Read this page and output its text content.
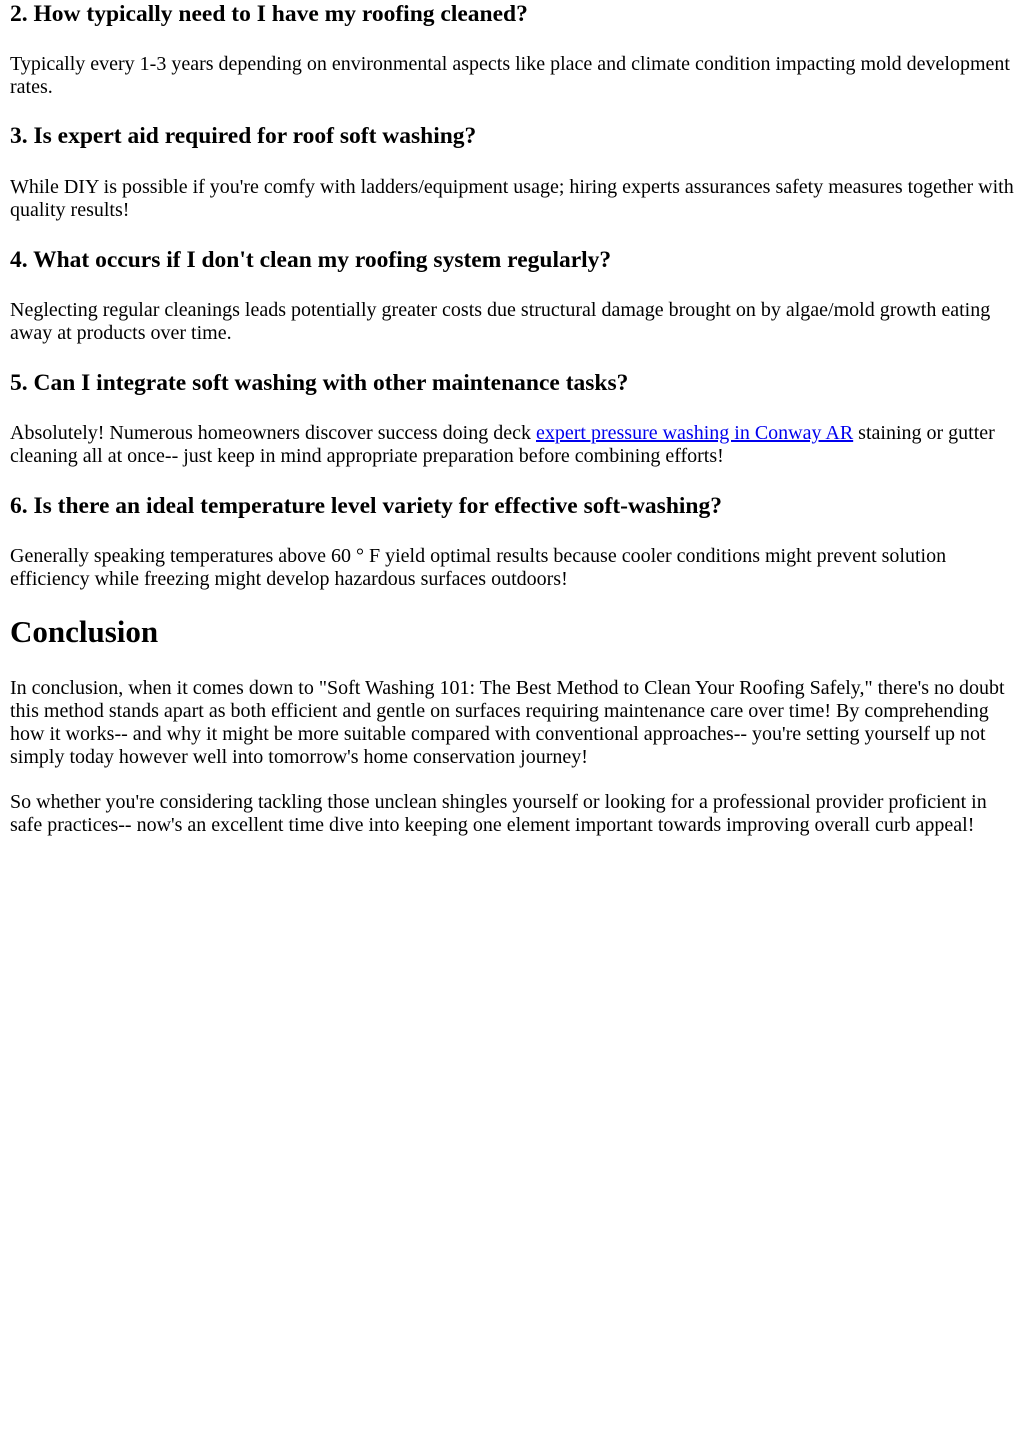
2. How typically need to I have my roofing cleaned?

Typically every 1-3 years depending on environmental aspects like place and climate condition impacting mold development rates.

3. Is expert aid required for roof soft washing?

While DIY is possible if you're comfy with ladders/equipment usage; hiring experts assurances safety measures together with quality results!

4. What occurs if I don't clean my roofing system regularly?

Neglecting regular cleanings leads potentially greater costs due structural damage brought on by algae/mold growth eating away at products over time.

5. Can I integrate soft washing with other maintenance tasks?

Absolutely! Numerous homeowners discover success doing deck expert pressure washing in Conway AR staining or gutter cleaning all at once-- just keep in mind appropriate preparation before combining efforts!

6. Is there an ideal temperature level variety for effective soft-washing?

Generally speaking temperatures above 60 ° F yield optimal results because cooler conditions might prevent solution efficiency while freezing might develop hazardous surfaces outdoors!

Conclusion

In conclusion, when it comes down to "Soft Washing 101: The Best Method to Clean Your Roofing Safely," there's no doubt this method stands apart as both efficient and gentle on surfaces requiring maintenance care over time! By comprehending how it works-- and why it might be more suitable compared with conventional approaches-- you're setting yourself up not simply today however well into tomorrow's home conservation journey!

So whether you're considering tackling those unclean shingles yourself or looking for a professional provider proficient in safe practices-- now's an excellent time dive into keeping one element important towards improving overall curb appeal!
